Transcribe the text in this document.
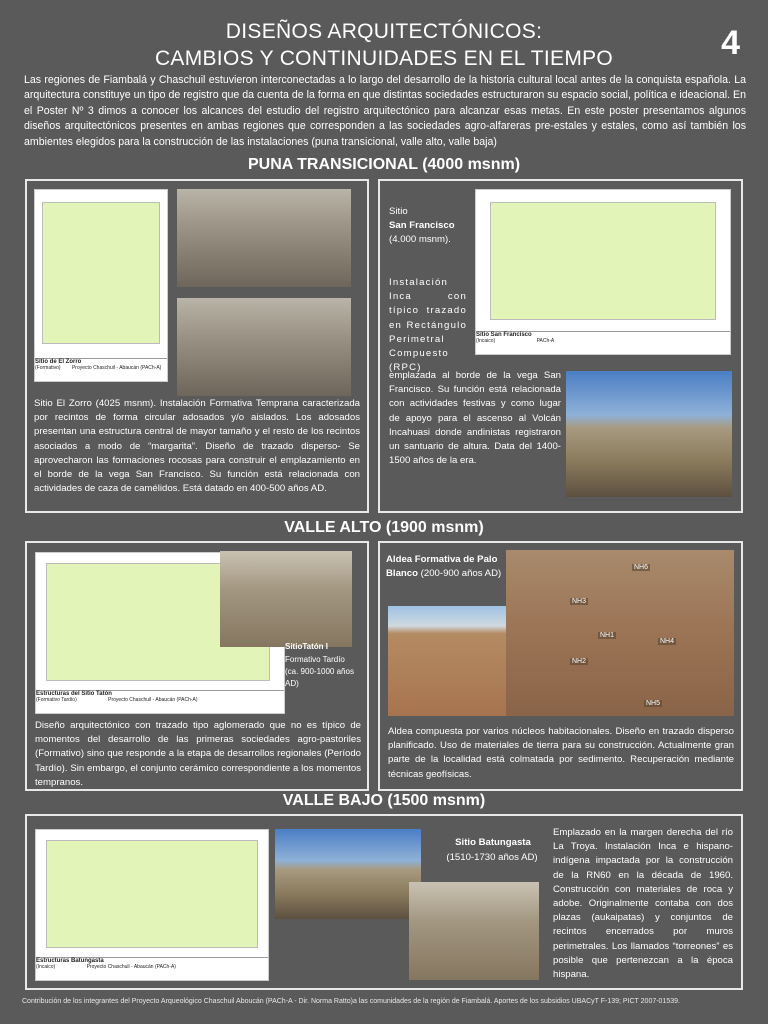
DISEÑOS ARQUITECTÓNICOS:
CAMBIOS Y CONTINUIDADES EN EL TIEMPO	4
Las regiones de Fiambalá y Chaschuil estuvieron interconectadas a lo largo del desarrollo de la historia cultural local antes de la conquista española. La arquitectura constituye un tipo de registro que da cuenta de la forma en que distintas sociedades estructuraron su espacio social, política e ideacional. En el Poster Nº 3 dimos a conocer los alcances del estudio del registro arquitectónico para alcanzar esas metas. En este poster presentamos algunos diseños arquitectónicos presentes en ambas regiones que corresponden a las sociedades agro-alfareras pre-estales y estales, como así también los ambientes elegidos para la construcción de las instalaciones (puna transicional, valle alto, valle baja)
PUNA TRANSICIONAL (4000 msnm)
Sitio de El Zorro
(Formativo) Proyecto Chaschuil - Abaucán (PACh-A)
Sitio El Zorro (4025 msnm). Instalación Formativa Temprana caracterizada por recintos de forma circular adosados y/o aislados. Los adosados presentan una estructura central de mayor tamaño y el resto de los recintos asociados a modo de “margarita”. Diseño de trazado disperso- Se aprovecharon las formaciones rocosas para construir el emplazamiento en el borde de la vega San Francisco. Su función está relacionada con actividades de caza de camélidos. Está datado en 400-500 años AD.
Sitio
San Francisco
(4.000 msnm).
Instalación Inca con típico trazado en Rectángulo Perimetral Compuesto (RPC)
Sitio San Francisco
(Incaico)	PACh-A
emplazada al borde de la vega San Francisco. Su función está relacionada con actividades festivas y como lugar de apoyo para el ascenso al Volcán Incahuasi donde andinistas registraron un santuario de altura. Data del 1400-1500 años de la era.
VALLE ALTO (1900 msnm)
Estructuras del Sitio Tatón
(Formativo Tardío)	Proyecto Chaschuil - Abaucán (PACh-A)
SitioTatón I
Formativo Tardío
(ca. 900-1000 años AD)
Diseño arquitectónico con trazado tipo aglomerado que no es típico de momentos del desarrollo de las primeras sociedades agro-pastoriles (Formativo) sino que responde a la etapa de desarrollos regionales (Período Tardío). Sin embargo, el conjunto cerámico correspondiente a los momentos tempranos.
NH6
NH3
NH1
NH4
NH2
NH5
Aldea Formativa de Palo Blanco (200-900 años AD)
Aldea compuesta por varios núcleos habitacionales. Diseño en trazado disperso planificado. Uso de materiales de tierra para su construcción. Actualmente gran parte de la localidad está colmatada por sedimento. Recuperación mediante técnicas geofísicas.
VALLE BAJO (1500 msnm)
Estructuras Batungasta
(Incaico)	Proyecto Chaschuil - Abaucán (PACh-A)
Sitio Batungasta
(1510-1730 años AD)
Emplazado en la margen derecha del río La Troya. Instalación Inca e hispano-indígena impactada por la construcción de la RN60 en la década de 1960. Construcción con materiales de roca y adobe. Originalmente contaba con dos plazas (aukaipatas) y conjuntos de recintos encerrados por muros perimetrales. Los llamados “torreones” es posible que pertenezcan a la época hispana.
Contribución de los integrantes del Proyecto Arqueológico Chaschuil Aboucán (PACh-A - Dir. Norma Ratto)a las comunidades de la región de Fiambalá. Aportes de los subsidios UBACyT F-139; PICT 2007-01539.
